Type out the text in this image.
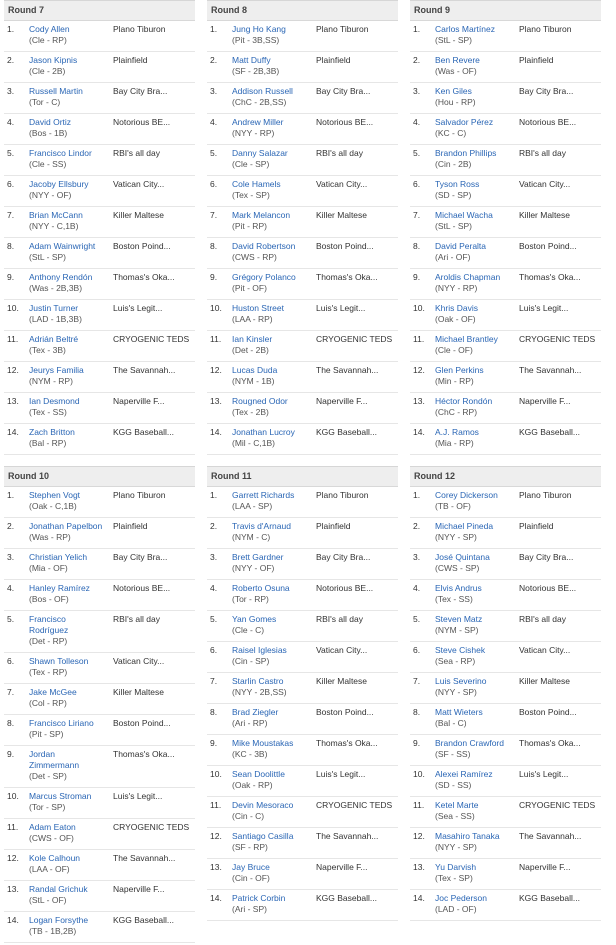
Round 7
1.	Cody Allen
(Cle - RP)
Plano Tiburon
2.	Jason Kipnis
(Cle - 2B)
Plainfield
3.	Russell Martin
(Tor - C)
Bay City Bra...
4.	David Ortiz
(Bos - 1B)
Notorious BE...
5.	Francisco Lindor
(Cle - SS)
RBI's all day
6.	Jacoby Ellsbury
(NYY - OF)
Vatican City...
7.	Brian McCann
(NYY - C,1B)
Killer Maltese
8.	Adam Wainwright
(StL - SP)
Boston Poind...
9.	Anthony Rendón
(Was - 2B,3B)
Thomas's Oka...
10.	Justin Turner
(LAD - 1B,3B)
Luis's Legit...
11.	Adrián Beltré
(Tex - 3B)
CRYOGENIC TEDS
12.	Jeurys Familia
(NYM - RP)
The Savannah...
13.	Ian Desmond
(Tex - SS)
Naperville F...
14.	Zach Britton
(Bal - RP)
KGG Baseball...
Round 8
1.	Jung Ho Kang
(Pit - 3B,SS)
Plano Tiburon
2.	Matt Duffy
(SF - 2B,3B)
Plainfield
3.	Addison Russell
(ChC - 2B,SS)
Bay City Bra...
4.	Andrew Miller
(NYY - RP)
Notorious BE...
5.	Danny Salazar
(Cle - SP)
RBI's all day
6.	Cole Hamels
(Tex - SP)
Vatican City...
7.	Mark Melancon
(Pit - RP)
Killer Maltese
8.	David Robertson
(CWS - RP)
Boston Poind...
9.	Grégory Polanco
(Pit - OF)
Thomas's Oka...
10.	Huston Street
(LAA - RP)
Luis's Legit...
11.	Ian Kinsler
(Det - 2B)
CRYOGENIC TEDS
12.	Lucas Duda
(NYM - 1B)
The Savannah...
13.	Rougned Odor
(Tex - 2B)
Naperville F...
14.	Jonathan Lucroy
(Mil - C,1B)
KGG Baseball...
Round 9
1.	Carlos Martínez
(StL - SP)
Plano Tiburon
2.	Ben Revere
(Was - OF)
Plainfield
3.	Ken Giles
(Hou - RP)
Bay City Bra...
4.	Salvador Pérez
(KC - C)
Notorious BE...
5.	Brandon Phillips
(Cin - 2B)
RBI's all day
6.	Tyson Ross
(SD - SP)
Vatican City...
7.	Michael Wacha
(StL - SP)
Killer Maltese
8.	David Peralta
(Ari - OF)
Boston Poind...
9.	Aroldis Chapman
(NYY - RP)
Thomas's Oka...
10.	Khris Davis
(Oak - OF)
Luis's Legit...
11.	Michael Brantley
(Cle - OF)
CRYOGENIC TEDS
12.	Glen Perkins
(Min - RP)
The Savannah...
13.	Héctor Rondón
(ChC - RP)
Naperville F...
14.	A.J. Ramos
(Mia - RP)
KGG Baseball...
Round 10
1.	Stephen Vogt
(Oak - C,1B)
Plano Tiburon
2.	Jonathan Papelbon
(Was - RP)
Plainfield
3.	Christian Yelich
(Mia - OF)
Bay City Bra...
4.	Hanley Ramírez
(Bos - OF)
Notorious BE...
5.	Francisco Rodríguez
(Det - RP)
RBI's all day
6.	Shawn Tolleson
(Tex - RP)
Vatican City...
7.	Jake McGee
(Col - RP)
Killer Maltese
8.	Francisco Liriano
(Pit - SP)
Boston Poind...
9.	Jordan Zimmermann
(Det - SP)
Thomas's Oka...
10.	Marcus Stroman
(Tor - SP)
Luis's Legit...
11.	Adam Eaton
(CWS - OF)
CRYOGENIC TEDS
12.	Kole Calhoun
(LAA - OF)
The Savannah...
13.	Randal Grichuk
(StL - OF)
Naperville F...
14.	Logan Forsythe
(TB - 1B,2B)
KGG Baseball...
Round 11
1.	Garrett Richards
(LAA - SP)
Plano Tiburon
2.	Travis d'Arnaud
(NYM - C)
Plainfield
3.	Brett Gardner
(NYY - OF)
Bay City Bra...
4.	Roberto Osuna
(Tor - RP)
Notorious BE...
5.	Yan Gomes
(Cle - C)
RBI's all day
6.	Raisel Iglesias
(Cin - SP)
Vatican City...
7.	Starlin Castro
(NYY - 2B,SS)
Killer Maltese
8.	Brad Ziegler
(Ari - RP)
Boston Poind...
9.	Mike Moustakas
(KC - 3B)
Thomas's Oka...
10.	Sean Doolittle
(Oak - RP)
Luis's Legit...
11.	Devin Mesoraco
(Cin - C)
CRYOGENIC TEDS
12.	Santiago Casilla
(SF - RP)
The Savannah...
13.	Jay Bruce
(Cin - OF)
Naperville F...
14.	Patrick Corbin
(Ari - SP)
KGG Baseball...
Round 12
1.	Corey Dickerson
(TB - OF)
Plano Tiburon
2.	Michael Pineda
(NYY - SP)
Plainfield
3.	José Quintana
(CWS - SP)
Bay City Bra...
4.	Elvis Andrus
(Tex - SS)
Notorious BE...
5.	Steven Matz
(NYM - SP)
RBI's all day
6.	Steve Cishek
(Sea - RP)
Vatican City...
7.	Luis Severino
(NYY - SP)
Killer Maltese
8.	Matt Wieters
(Bal - C)
Boston Poind...
9.	Brandon Crawford
(SF - SS)
Thomas's Oka...
10.	Alexei Ramírez
(SD - SS)
Luis's Legit...
11.	Ketel Marte
(Sea - SS)
CRYOGENIC TEDS
12.	Masahiro Tanaka
(NYY - SP)
The Savannah...
13.	Yu Darvish
(Tex - SP)
Naperville F...
14.	Joc Pederson
(LAD - OF)
KGG Baseball...
